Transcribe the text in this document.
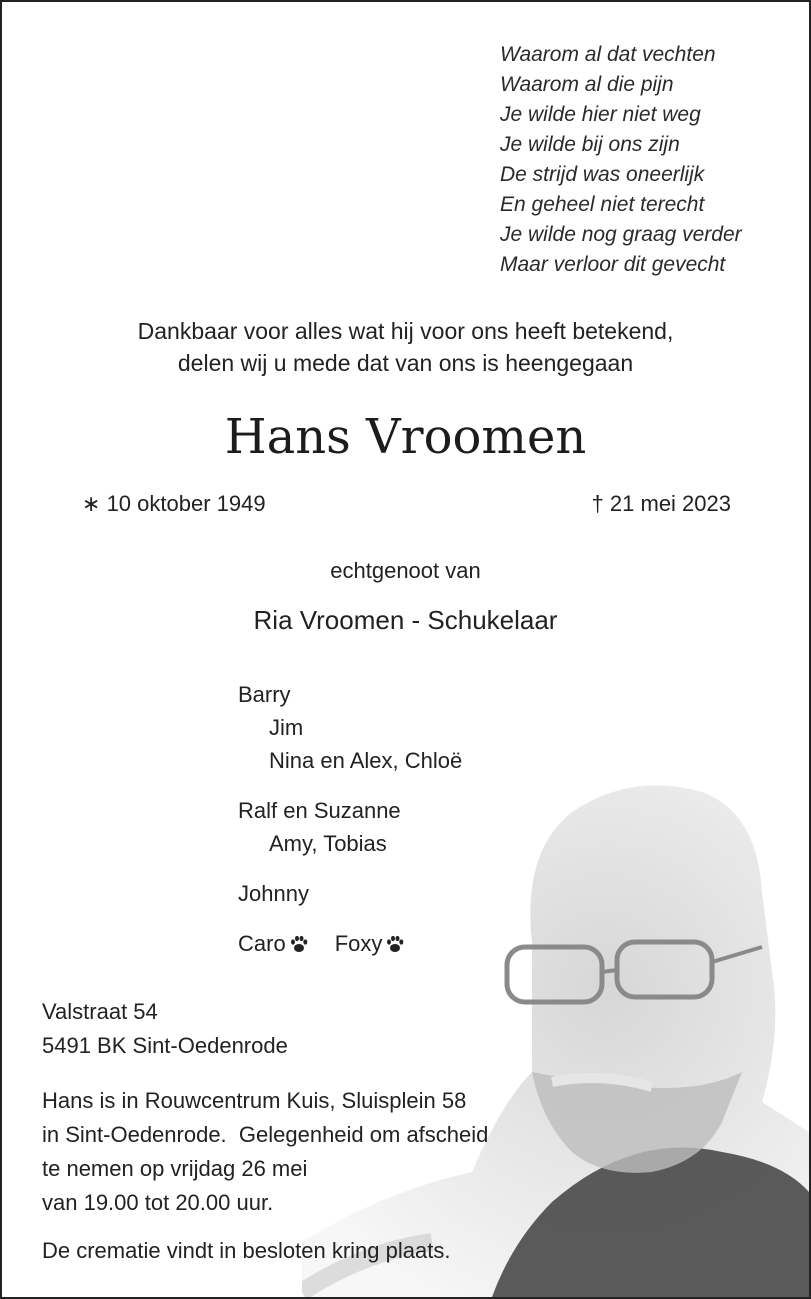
Waarom al dat vechten
Waarom al die pijn
Je wilde hier niet weg
Je wilde bij ons zijn
De strijd was oneerlijk
En geheel niet terecht
Je wilde nog graag verder
Maar verloor dit gevecht
Dankbaar voor alles wat hij voor ons heeft betekend,
delen wij u mede dat van ons is heengegaan
Hans Vroomen
∗ 10 oktober 1949	† 21 mei 2023
echtgenoot van
Ria Vroomen - Schukelaar
Barry
Jim
Nina en Alex, Chloë
Ralf en Suzanne
Amy, Tobias
Johnny
Caro Foxy
Valstraat 54
5491 BK Sint-Oedenrode
Hans is in Rouwcentrum Kuis, Sluisplein 58
in Sint-Oedenrode.  Gelegenheid om afscheid
te nemen op vrijdag 26 mei
van 19.00 tot 20.00 uur.
De crematie vindt in besloten kring plaats.
